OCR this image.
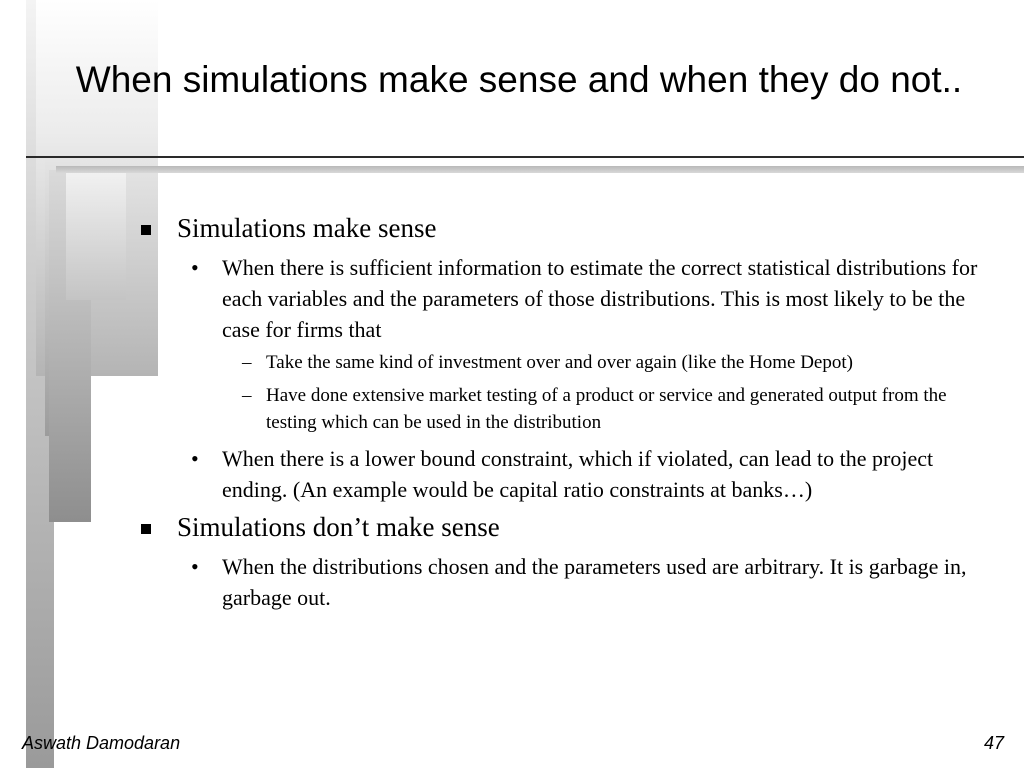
When simulations make sense and when they do not..
Simulations make sense
• When there is sufficient information to estimate the correct statistical distributions for each variables and the parameters of those distributions. This is most likely to be the case for firms that
– Take the same kind of investment over and over again (like the Home Depot)
– Have done extensive market testing of a product or service and generated output from the testing which can be used in the distribution
• When there is a lower bound constraint, which if violated, can lead to the project ending. (An example would be capital ratio constraints at banks…)
Simulations don’t make sense
• When the distributions chosen and the parameters used are arbitrary. It is garbage in, garbage out.
Aswath Damodaran	47
